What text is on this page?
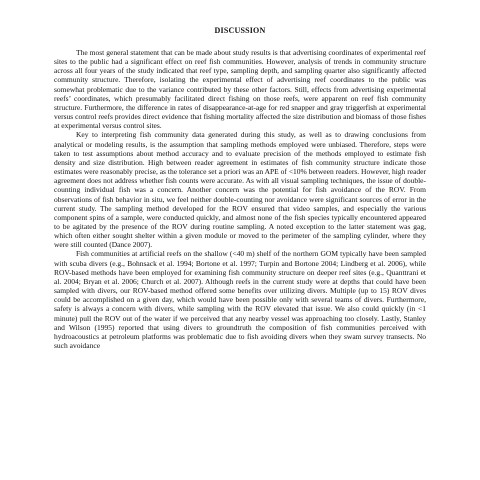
DISCUSSION

The most general statement that can be made about study results is that advertising coordinates of experimental reef sites to the public had a significant effect on reef fish communities. However, analysis of trends in community structure across all four years of the study indicated that reef type, sampling depth, and sampling quarter also significantly affected community structure. Therefore, isolating the experimental effect of advertising reef coordinates to the public was somewhat problematic due to the variance contributed by these other factors. Still, effects from advertising experimental reefs’ coordinates, which presumably facilitated direct fishing on those reefs, were apparent on reef fish community structure. Furthermore, the difference in rates of disappearance-at-age for red snapper and gray triggerfish at experimental versus control reefs provides direct evidence that fishing mortality affected the size distribution and biomass of those fishes at experimental versus control sites.

Key to interpreting fish community data generated during this study, as well as to drawing conclusions from analytical or modeling results, is the assumption that sampling methods employed were unbiased. Therefore, steps were taken to test assumptions about method accuracy and to evaluate precision of the methods employed to estimate fish density and size distribution. High between reader agreement in estimates of fish community structure indicate those estimates were reasonably precise, as the tolerance set a priori was an APE of <10% between readers. However, high reader agreement does not address whether fish counts were accurate. As with all visual sampling techniques, the issue of double-counting individual fish was a concern. Another concern was the potential for fish avoidance of the ROV. From observations of fish behavior in situ, we feel neither double-counting nor avoidance were significant sources of error in the current study. The sampling method developed for the ROV ensured that video samples, and especially the various component spins of a sample, were conducted quickly, and almost none of the fish species typically encountered appeared to be agitated by the presence of the ROV during routine sampling. A noted exception to the latter statement was gag, which often either sought shelter within a given module or moved to the perimeter of the sampling cylinder, where they were still counted (Dance 2007).

Fish communities at artificial reefs on the shallow (<40 m) shelf of the northern GOM typically have been sampled with scuba divers (e.g., Bohnsack et al. 1994; Bortone et al. 1997; Turpin and Bortone 2004; Lindberg et al. 2006), while ROV-based methods have been employed for examining fish community structure on deeper reef sites (e.g., Quanttrani et al. 2004; Bryan et al. 2006; Church et al. 2007). Although reefs in the current study were at depths that could have been sampled with divers, our ROV-based method offered some benefits over utilizing divers. Multiple (up to 15) ROV dives could be accomplished on a given day, which would have been possible only with several teams of divers. Furthermore, safety is always a concern with divers, while sampling with the ROV elevated that issue. We also could quickly (in <1 minute) pull the ROV out of the water if we perceived that any nearby vessel was approaching too closely. Lastly, Stanley and Wilson (1995) reported that using divers to groundtruth the composition of fish communities perceived with hydroacoustics at petroleum platforms was problematic due to fish avoiding divers when they swam survey transects. No such avoidance
